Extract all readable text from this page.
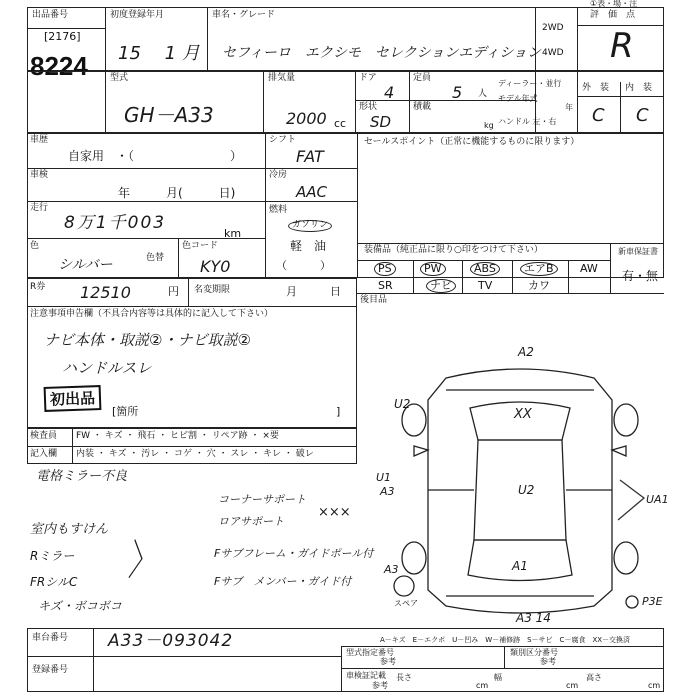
出品番号
[2176]
8224
初度登録年月
15　 1 月
車名・グレード
セフィーロ　エクシモ　セレクションエディション
2WD
4WD
評　価　点
R
①表・場・注
型式
GH－A33
排気量
2000 cc
ドア
4
定員
5 人
形状
SD
積載
kg
ディーラー・並行
モデル年式
年
ハンドル 左・右
外　装 内　装
C C
車歴
自家用　・（　　　　　　　　）
シフト
FAT
車検
年　　　月(　　　日)
冷房
AAC
走行
8万1千003
km
燃料
ガソリン
軽　油
（　　　）
色
シルバー	色替
色コード
KY0
セールスポイント（正常に機能するものに限ります）
装備品（純正品に限り○印をつけて下さい）	新車保証書
有・無
後目品
PS	PW	ABS	エアB	AW
SR	ナビ	TV	カワ
R券 12510	円 名変期限	月　　　日
注意事項申告欄（不具合内容等は具体的に記入して下さい）
ナビ本体・取説②・ナビ取説②
ハンドルスレ
初出品
[箇所	]
検査員
記入欄
FW ・ キズ ・ 飛石 ・ ヒビ割 ・ リペア跡 ・ ×要
内装 ・ キズ ・ 汚レ ・ コゲ ・ 穴 ・ スレ ・ キレ ・ 破レ
電格ミラー不良
室内もすけん
Rミラー
FRシルC
キズ・ボコボコ
コーナーサポート
ロアサポート
Fサブフレーム・ガイドポール付
Fサブ　メンバー・ガイド付
×××
〉
A2
U2
XX
U1
A3	U2
A1
A3
A3 14
UA1
P3E
スペア
A－キズ　E－エクボ　U－凹み　W－補修跡　S－サビ　C－腐食　XX－交換済
車台番号 A33－093042
登録番号
型式指定番号
参考
類別区分番号
参考
車検証記載
参考
長さ
cm
幅
cm
高さ
cm
